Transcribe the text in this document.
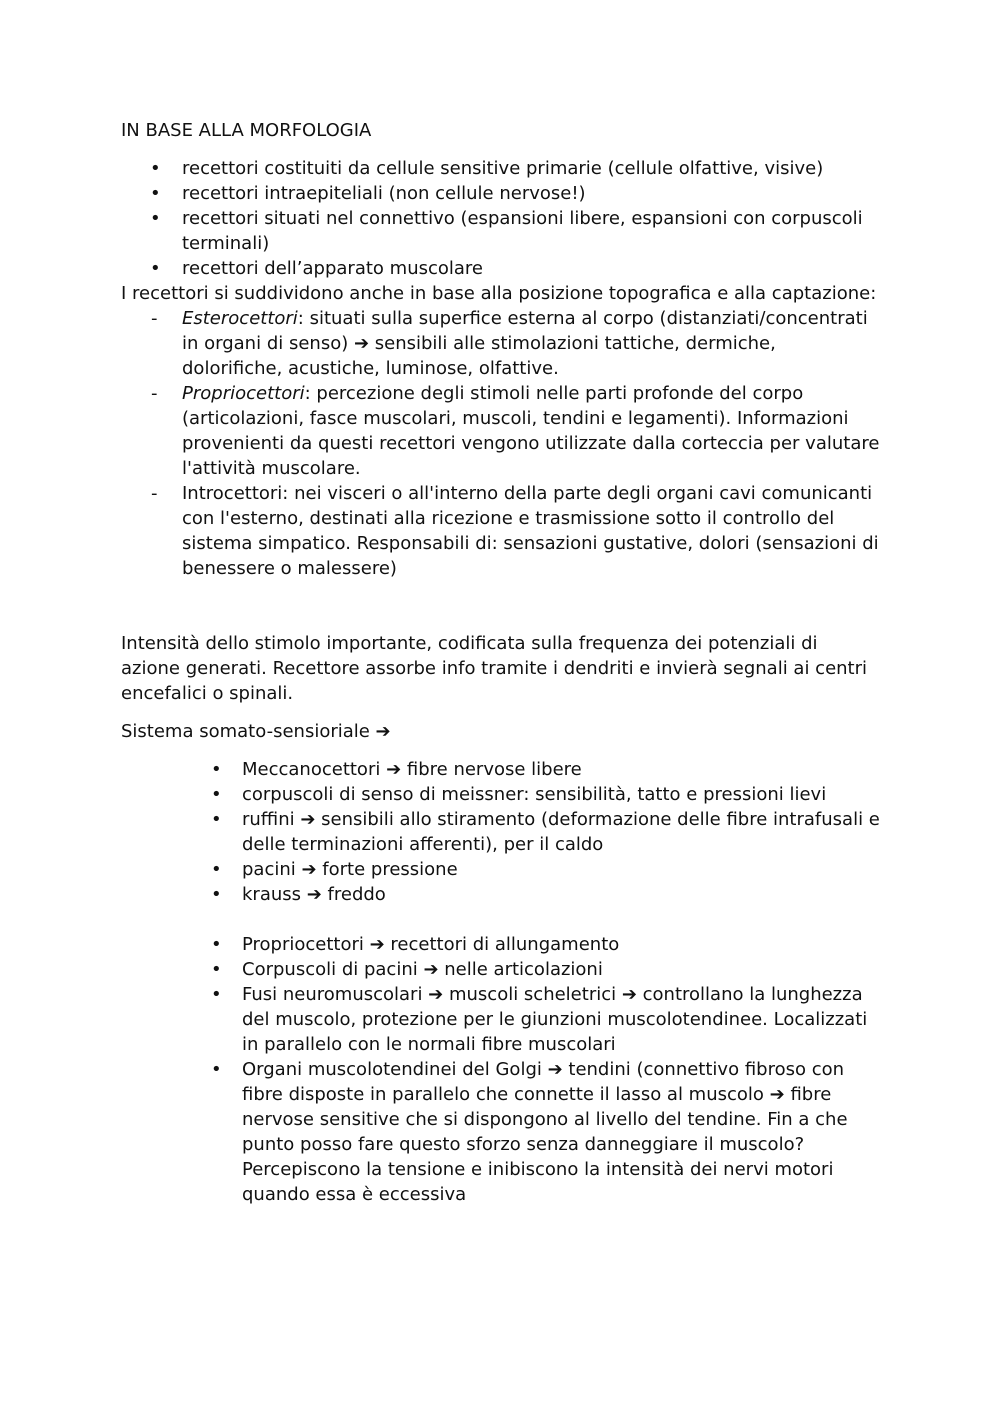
IN BASE ALLA MORFOLOGIA

• recettori costituiti da cellule sensitive primarie (cellule olfattive, visive)
• recettori intraepiteliali (non cellule nervose!)
• recettori situati nel connettivo (espansioni libere, espansioni con corpuscoli terminali)
• recettori dell’apparato muscolare

I recettori si suddividono anche in base alla posizione topografica e alla captazione:

- Esterocettori: situati sulla superfice esterna al corpo (distanziati/concentrati in organi di senso) ➔ sensibili alle stimolazioni tattiche, dermiche, dolorifiche, acustiche, luminose, olfattive.
- Propriocettori: percezione degli stimoli nelle parti profonde del corpo (articolazioni, fasce muscolari, muscoli, tendini e legamenti). Informazioni provenienti da questi recettori vengono utilizzate dalla corteccia per valutare l'attività muscolare.
- Introcettori: nei visceri o all'interno della parte degli organi cavi comunicanti con l'esterno, destinati alla ricezione e trasmissione sotto il controllo del sistema simpatico. Responsabili di: sensazioni gustative, dolori (sensazioni di benessere o malessere)

Intensità dello stimolo importante, codificata sulla frequenza dei potenziali di azione generati. Recettore assorbe info tramite i dendriti e invierà segnali ai centri encefalici o spinali.

Sistema somato-sensioriale ➔

• Meccanocettori ➔ fibre nervose libere
• corpuscoli di senso di meissner: sensibilità, tatto e pressioni lievi
• ruffini ➔ sensibili allo stiramento (deformazione delle fibre intrafusali e delle terminazioni afferenti), per il caldo
• pacini ➔ forte pressione
• krauss ➔ freddo
• Propriocettori ➔ recettori di allungamento
• Corpuscoli di pacini ➔ nelle articolazioni
• Fusi neuromuscolari ➔ muscoli scheletrici ➔ controllano la lunghezza del muscolo, protezione per le giunzioni muscolotendinee. Localizzati in parallelo con le normali fibre muscolari
• Organi muscolotendinei del Golgi ➔ tendini (connettivo fibroso con fibre disposte in parallelo che connette il lasso al muscolo ➔ fibre nervose sensitive che si dispongono al livello del tendine. Fin a che punto posso fare questo sforzo senza danneggiare il muscolo? Percepiscono la tensione e inibiscono la intensità dei nervi motori quando essa è eccessiva
